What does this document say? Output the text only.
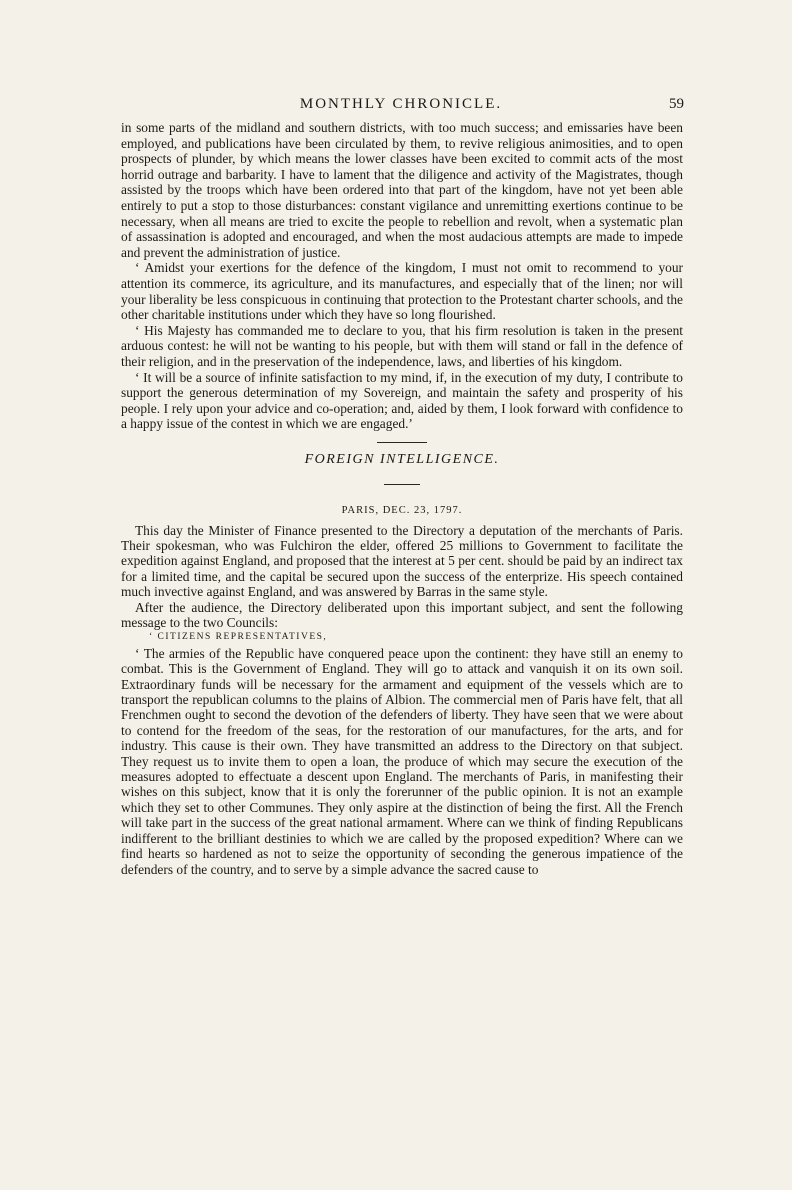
MONTHLY CHRONICLE.	59

in some parts of the midland and southern districts, with too much success; and emissaries have been employed, and publications have been circulated by them, to revive religious animosities, and to open prospects of plunder, by which means the lower classes have been excited to commit acts of the most horrid outrage and barbarity. I have to lament that the diligence and activity of the Magistrates, though assisted by the troops which have been ordered into that part of the kingdom, have not yet been able entirely to put a stop to those disturbances: constant vigilance and unremitting exertions continue to be necessary, when all means are tried to excite the people to rebellion and revolt, when a systematic plan of assassination is adopted and encouraged, and when the most audacious attempts are made to impede and prevent the administration of justice.

‘ Amidst your exertions for the defence of the kingdom, I must not omit to recommend to your attention its commerce, its agriculture, and its manufactures, and especially that of the linen; nor will your liberality be less conspicuous in continuing that protection to the Protestant charter schools, and the other charitable institutions under which they have so long flourished.

‘ His Majesty has commanded me to declare to you, that his firm resolution is taken in the present arduous contest: he will not be wanting to his people, but with them will stand or fall in the defence of their religion, and in the preservation of the independence, laws, and liberties of his kingdom.

‘ It will be a source of infinite satisfaction to my mind, if, in the execution of my duty, I contribute to support the generous determination of my Sovereign, and maintain the safety and prosperity of his people. I rely upon your advice and co-operation; and, aided by them, I look forward with confidence to a happy issue of the contest in which we are engaged.’

FOREIGN INTELLIGENCE.
PARIS, DEC. 23, 1797.

This day the Minister of Finance presented to the Directory a deputation of the merchants of Paris. Their spokesman, who was Fulchiron the elder, offered 25 millions to Government to facilitate the expedition against England, and proposed that the interest at 5 per cent. should be paid by an indirect tax for a limited time, and the capital be secured upon the success of the enterprize. His speech contained much invective against England, and was answered by Barras in the same style.

After the audience, the Directory deliberated upon this important subject, and sent the following message to the two Councils:

‘ CITIZENS REPRESENTATIVES,

‘ The armies of the Republic have conquered peace upon the continent: they have still an enemy to combat. This is the Government of England. They will go to attack and vanquish it on its own soil. Extraordinary funds will be necessary for the armament and equipment of the vessels which are to transport the republican columns to the plains of Albion. The commercial men of Paris have felt, that all Frenchmen ought to second the devotion of the defenders of liberty. They have seen that we were about to contend for the freedom of the seas, for the restoration of our manufactures, for the arts, and for industry. This cause is their own. They have transmitted an address to the Directory on that subject. They request us to invite them to open a loan, the produce of which may secure the execution of the measures adopted to effectuate a descent upon England. The merchants of Paris, in manifesting their wishes on this subject, know that it is only the forerunner of the public opinion. It is not an example which they set to other Communes. They only aspire at the distinction of being the first. All the French will take part in the success of the great national armament. Where can we think of finding Republicans indifferent to the brilliant destinies to which we are called by the proposed expedition? Where can we find hearts so hardened as not to seize the opportunity of seconding the generous impatience of the defenders of the country, and to serve by a simple advance the sacred cause to
